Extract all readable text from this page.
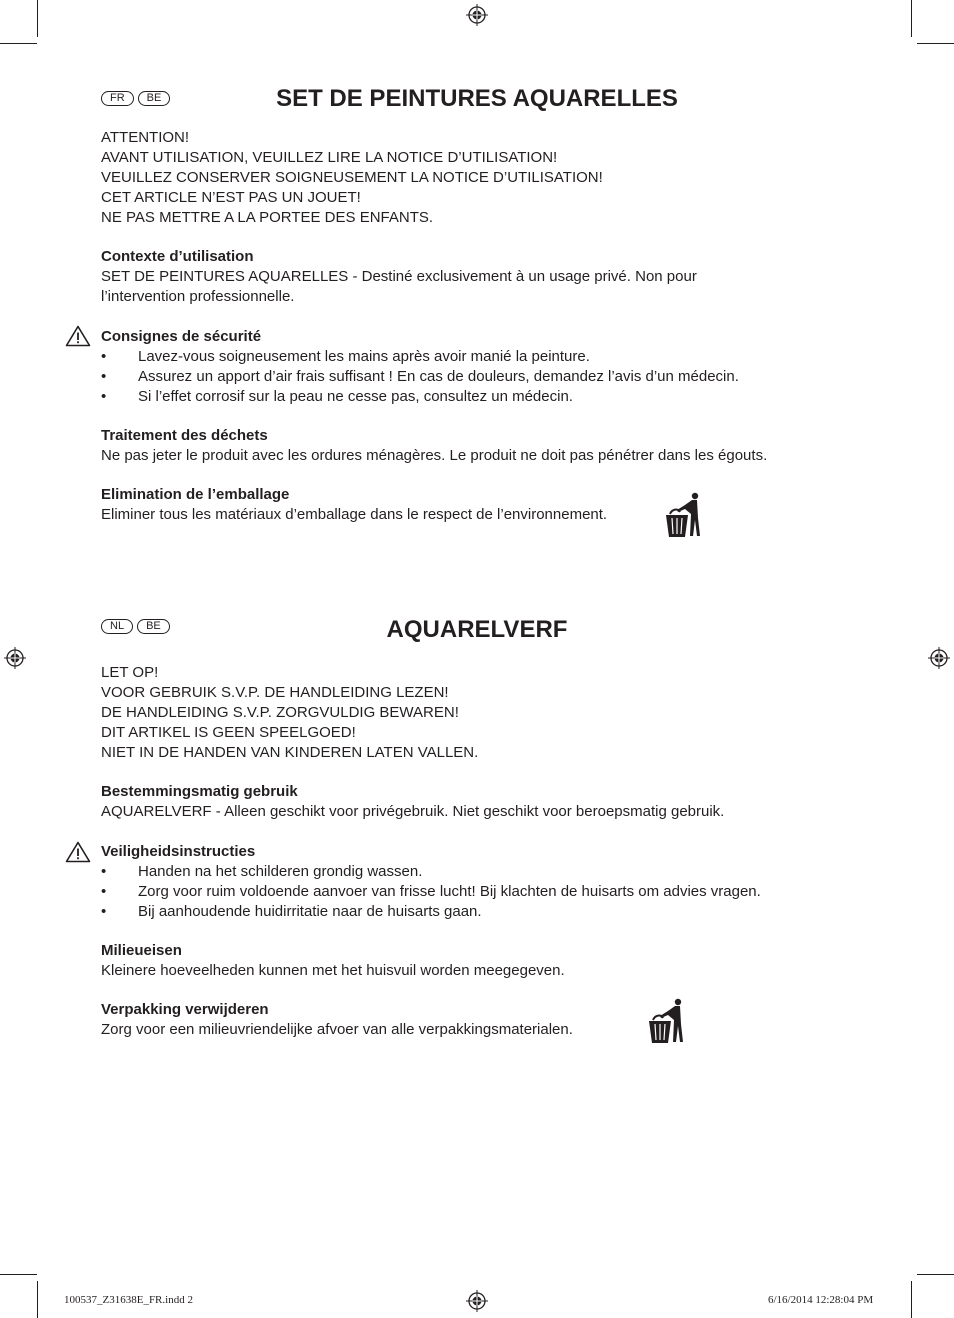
FR	BE	SET DE PEINTURES AQUARELLES
ATTENTION!
AVANT UTILISATION, VEUILLEZ LIRE LA NOTICE D’UTILISATION!
VEUILLEZ CONSERVER SOIGNEUSEMENT LA NOTICE D’UTILISATION!
CET ARTICLE N’EST PAS UN JOUET!
NE PAS METTRE A LA PORTEE DES ENFANTS.
Contexte d’utilisation
SET DE PEINTURES AQUARELLES - Destiné exclusivement à un usage privé. Non pour
l’intervention professionnelle.
Consignes de sécurité
•	Lavez-vous soigneusement les mains après avoir manié la peinture.
•	Assurez un apport d’air frais suffisant ! En cas de douleurs, demandez l’avis d’un médecin.
•	Si l’effet corrosif sur la peau ne cesse pas, consultez un médecin.
Traitement des déchets
Ne pas jeter le produit avec les ordures ménagères. Le produit ne doit pas pénétrer dans les égouts.
Elimination de l’emballage
Eliminer tous les matériaux d’emballage dans le respect de l’environnement.
NL	BE	AQUARELVERF
LET OP!
VOOR GEBRUIK S.V.P. DE HANDLEIDING LEZEN!
DE HANDLEIDING S.V.P. ZORGVULDIG BEWAREN!
DIT ARTIKEL IS GEEN SPEELGOED!
NIET IN DE HANDEN VAN KINDEREN LATEN VALLEN.
Bestemmingsmatig gebruik
AQUARELVERF - Alleen geschikt voor privégebruik. Niet geschikt voor beroepsmatig gebruik.
Veiligheidsinstructies
•	Handen na het schilderen grondig wassen.
•	Zorg voor ruim voldoende aanvoer van frisse lucht! Bij klachten de huisarts om advies vragen.
•	Bij aanhoudende huidirritatie naar de huisarts gaan.
Milieueisen
Kleinere hoeveelheden kunnen met het huisvuil worden meegegeven.
Verpakking verwijderen
Zorg voor een milieuvriendelijke afvoer van alle verpakkingsmaterialen.
100537_Z31638E_FR.indd 2	6/16/2014 12:28:04 PM
